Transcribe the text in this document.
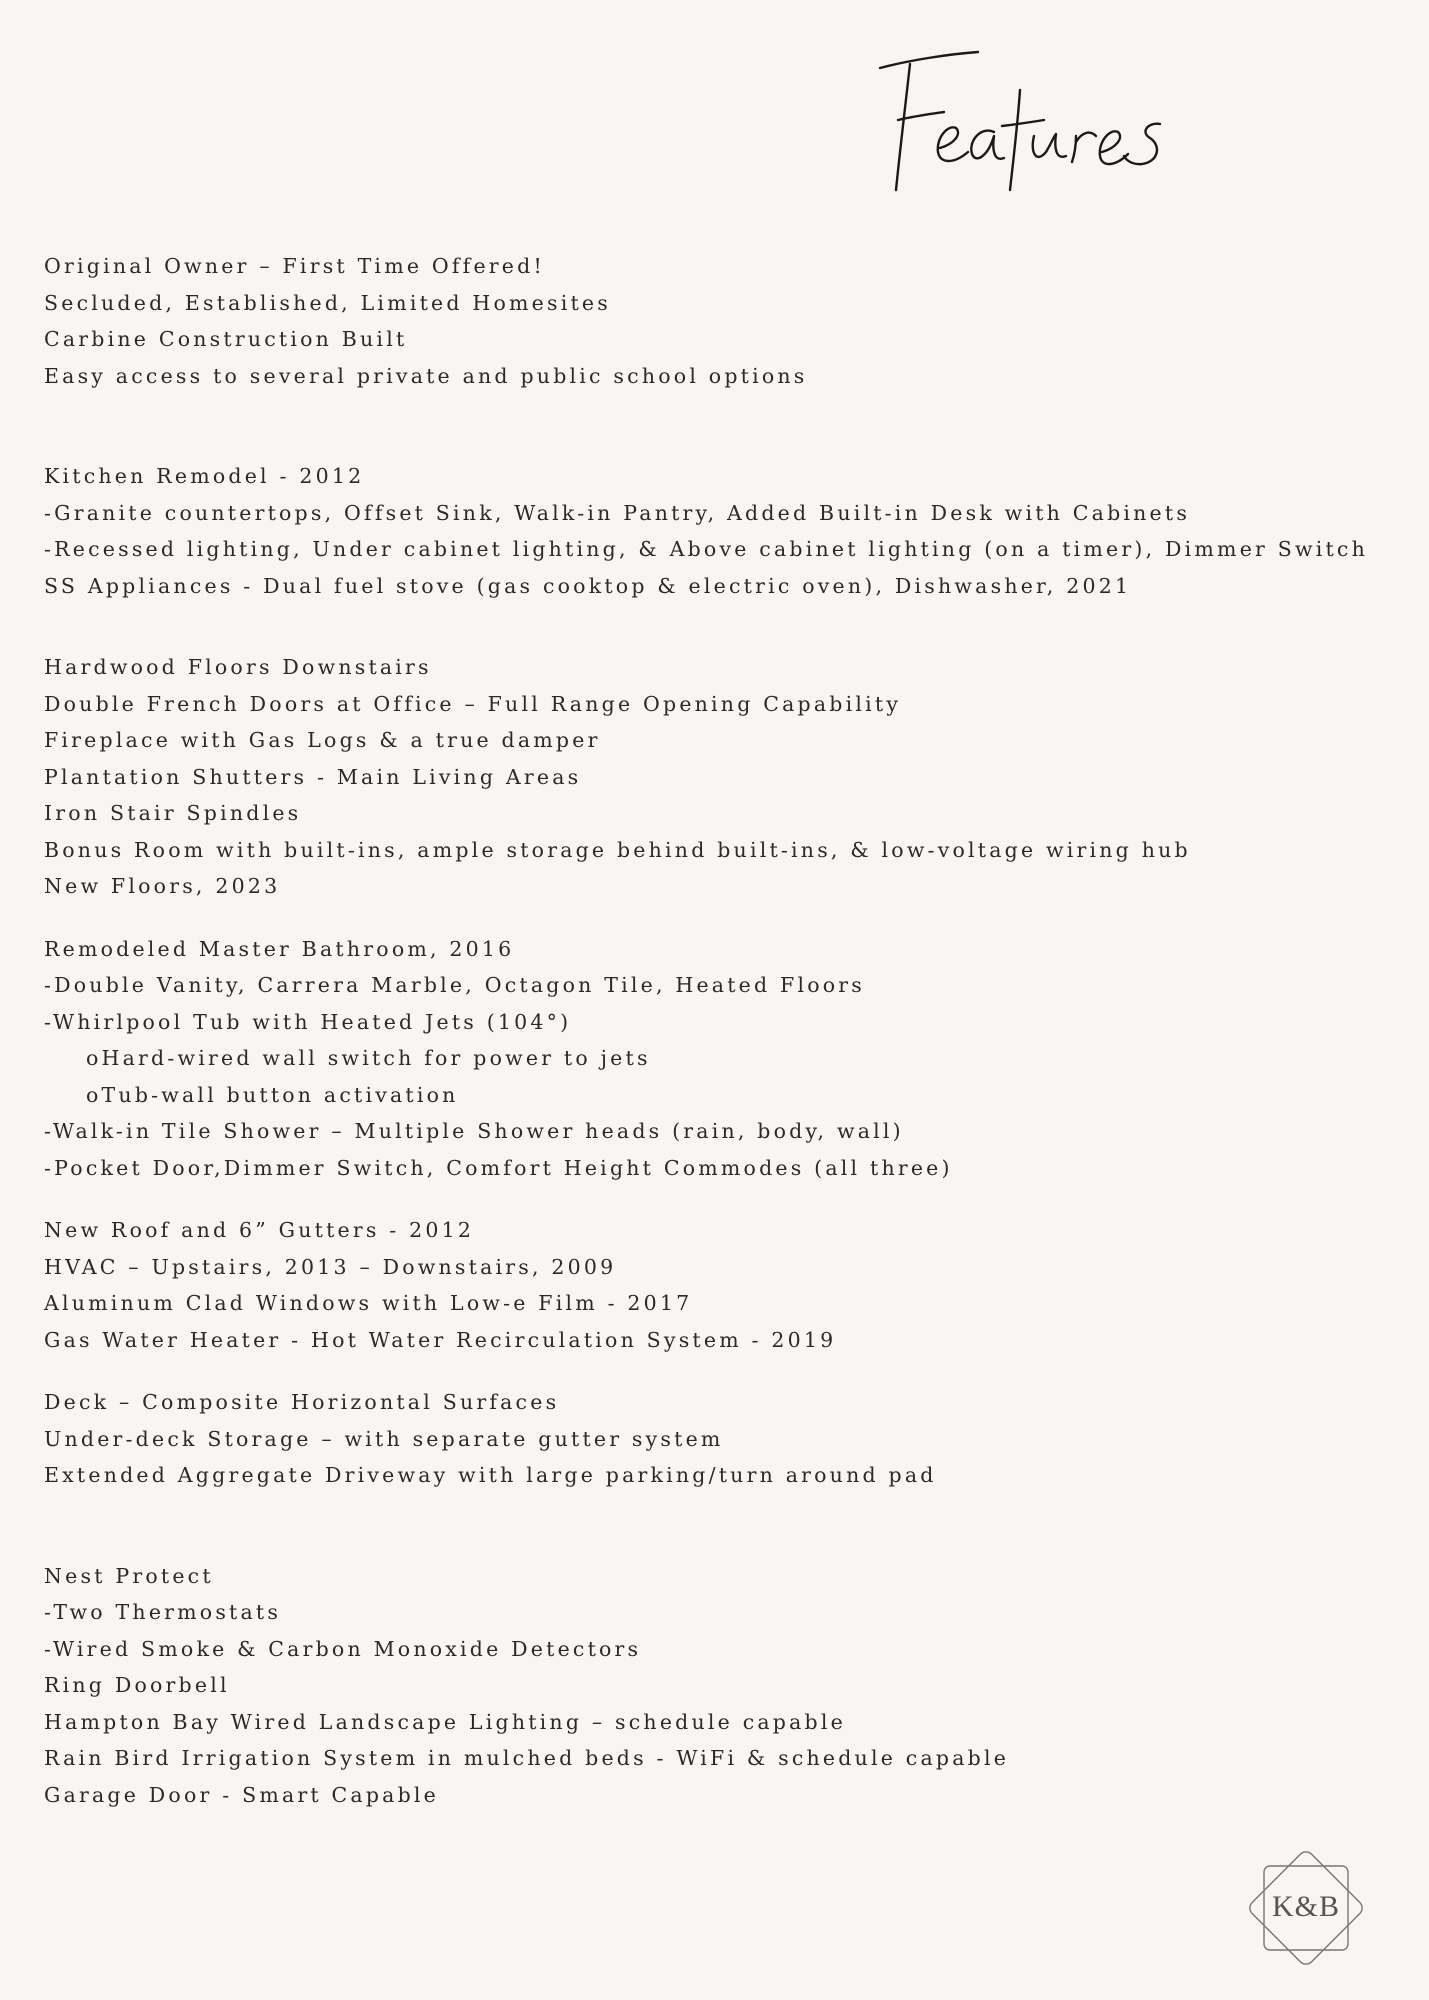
Original Owner – First Time Offered!
Secluded, Established, Limited Homesites
Carbine Construction Built
Easy access to several private and public school options
Kitchen Remodel - 2012
-Granite countertops, Offset Sink, Walk-in Pantry, Added Built-in Desk with Cabinets
-Recessed lighting, Under cabinet lighting, & Above cabinet lighting (on a timer), Dimmer Switch
SS Appliances - Dual fuel stove (gas cooktop & electric oven), Dishwasher, 2021
Hardwood Floors Downstairs
Double French Doors at Office – Full Range Opening Capability
Fireplace with Gas Logs & a true damper
Plantation Shutters - Main Living Areas
Iron Stair Spindles
Bonus Room with built-ins, ample storage behind built-ins, & low-voltage wiring hub
New Floors, 2023
Remodeled Master Bathroom, 2016
-Double Vanity, Carrera Marble, Octagon Tile, Heated Floors
-Whirlpool Tub with Heated Jets (104°)
oHard-wired wall switch for power to jets
oTub-wall button activation
-Walk-in Tile Shower – Multiple Shower heads (rain, body, wall)
-Pocket Door,Dimmer Switch, Comfort Height Commodes (all three)
New Roof and 6” Gutters - 2012
HVAC – Upstairs, 2013 – Downstairs, 2009
Aluminum Clad Windows with Low-e Film - 2017
Gas Water Heater - Hot Water Recirculation System - 2019
Deck – Composite Horizontal Surfaces
Under-deck Storage – with separate gutter system
Extended Aggregate Driveway with large parking/turn around pad
Nest Protect
-Two Thermostats
-Wired Smoke & Carbon Monoxide Detectors
Ring Doorbell
Hampton Bay Wired Landscape Lighting – schedule capable
Rain Bird Irrigation System in mulched beds - WiFi & schedule capable
Garage Door - Smart Capable
K&B
